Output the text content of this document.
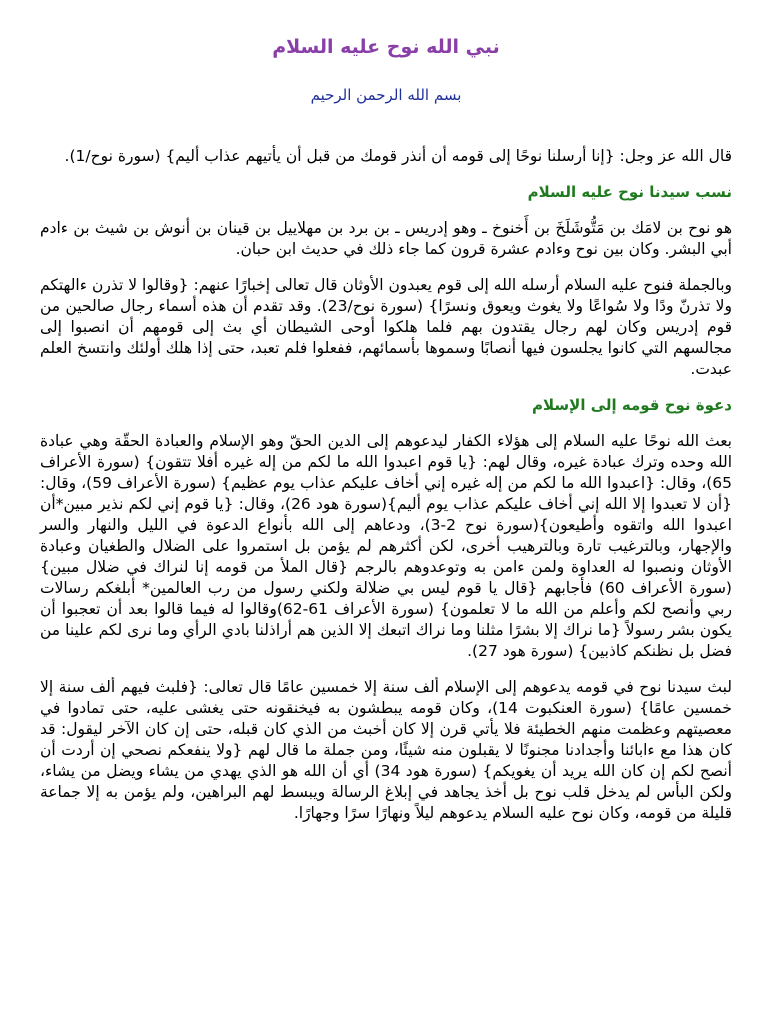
نبي الله نوح عليه السلام
بسم الله الرحمن الرحيم

قال الله عز وجل: {إنا أرسلنا نوحًا إلى قومه أن أنذر قومك من قبل أن يأتيهم عذاب أليم} (سورة نوح/1).

نسب سيدنا نوح عليه السلام

هو نوح بن لامَك بن مَتُّوشَلَخَ بن أَخنوخ ـ وهو إدريس ـ بن برد بن مهلاييل بن قينان بن أنوش بن شيث بن ءادم أبي البشر. وكان بين نوح وءادم عشرة قرون كما جاء ذلك في حديث ابن حبان.

وبالجملة فنوح عليه السلام أرسله الله إلى قوم يعبدون الأوثان قال تعالى إخبارًا عنهم: {وقالوا لا تذرن ءالهتكم ولا تذرنّ ودًا ولا سُواعًا ولا يغوث ويعوق ونسرًا} (سورة نوح/23). وقد تقدم أن هذه أسماء رجال صالحين من قوم إدريس وكان لهم رجال يقتدون بهم فلما هلكوا أوحى الشيطان أي بث إلى قومهم أن انصبوا إلى مجالسهم التي كانوا يجلسون فيها أنصابًا وسموها بأسمائهم، ففعلوا فلم تعبد، حتى إذا هلك أولئك وانتسخ العلم عبدت.

دعوة نوح قومه إلى الإسلام

بعث الله نوحًا عليه السلام إلى هؤلاء الكفار ليدعوهم إلى الدين الحقّ وهو الإسلام والعبادة الحقّة وهي عبادة الله وحده وترك عبادة غيره، وقال لهم: {يا قوم اعبدوا الله ما لكم من إله غيره أفلا تتقون} (سورة الأعراف 65)، وقال: {اعبدوا الله ما لكم من إله غيره إني أخاف عليكم عذاب يوم عظيم} (سورة الأعراف 59)، وقال: {أن لا تعبدوا إلا الله إني أخاف عليكم عذاب يوم أليم}(سورة هود 26)، وقال: {يا قوم إني لكم نذير مبين*أن اعبدوا الله واتقوه وأطيعون}(سورة نوح 2-3)، ودعاهم إلى الله بأنواع الدعوة في الليل والنهار والسر والإجهار، وبالترغيب تارة وبالترهيب أخرى، لكن أكثرهم لم يؤمن بل استمروا على الضلال والطغيان وعبادة الأوثان ونصبوا له العداوة ولمن ءامن به وتوعدوهم بالرجم {قال الملأ من قومه إنا لنراك في ضلال مبين} (سورة الأعراف 60) فأجابهم {قال يا قوم ليس بي ضلالة ولكني رسول من رب العالمين* أبلغكم رسالات ربي وأنصح لكم وأعلم من الله ما لا تعلمون} (سورة الأعراف 61-62)وقالوا له فيما قالوا بعد أن تعجبوا أن يكون بشر رسولاً {ما نراك إلا بشرًا مثلنا وما نراك اتبعك إلا الذين هم أراذلنا بادي الرأي وما نرى لكم علينا من فضل بل نظنكم كاذبين} (سورة هود 27).

لبث سيدنا نوح في قومه يدعوهم إلى الإسلام ألف سنة إلا خمسين عامًا قال تعالى: {فلبث فيهم ألف سنة إلا خمسين عامًا} (سورة العنكبوت 14)، وكان قومه يبطشون به فيخنقونه حتى يغشى عليه، حتى تمادوا في معصيتهم وعظمت منهم الخطيئة فلا يأتي قرن إلا كان أخبث من الذي كان قبله، حتى إن كان الآخر ليقول: قد كان هذا مع ءابائنا وأجدادنا مجنونًا لا يقبلون منه شيئًا، ومن جملة ما قال لهم {ولا ينفعكم نصحي إن أردت أن أنصح لكم إن كان الله يريد أن يغويكم} (سورة هود 34) أي أن الله هو الذي يهدي من يشاء ويضل من يشاء، ولكن البأس لم يدخل قلب نوح بل أخذ يجاهد في إبلاغ الرسالة ويبسط لهم البراهين، ولم يؤمن به إلا جماعة قليلة من قومه، وكان نوح عليه السلام يدعوهم ليلاً ونهارًا سرًا وجهارًا.
